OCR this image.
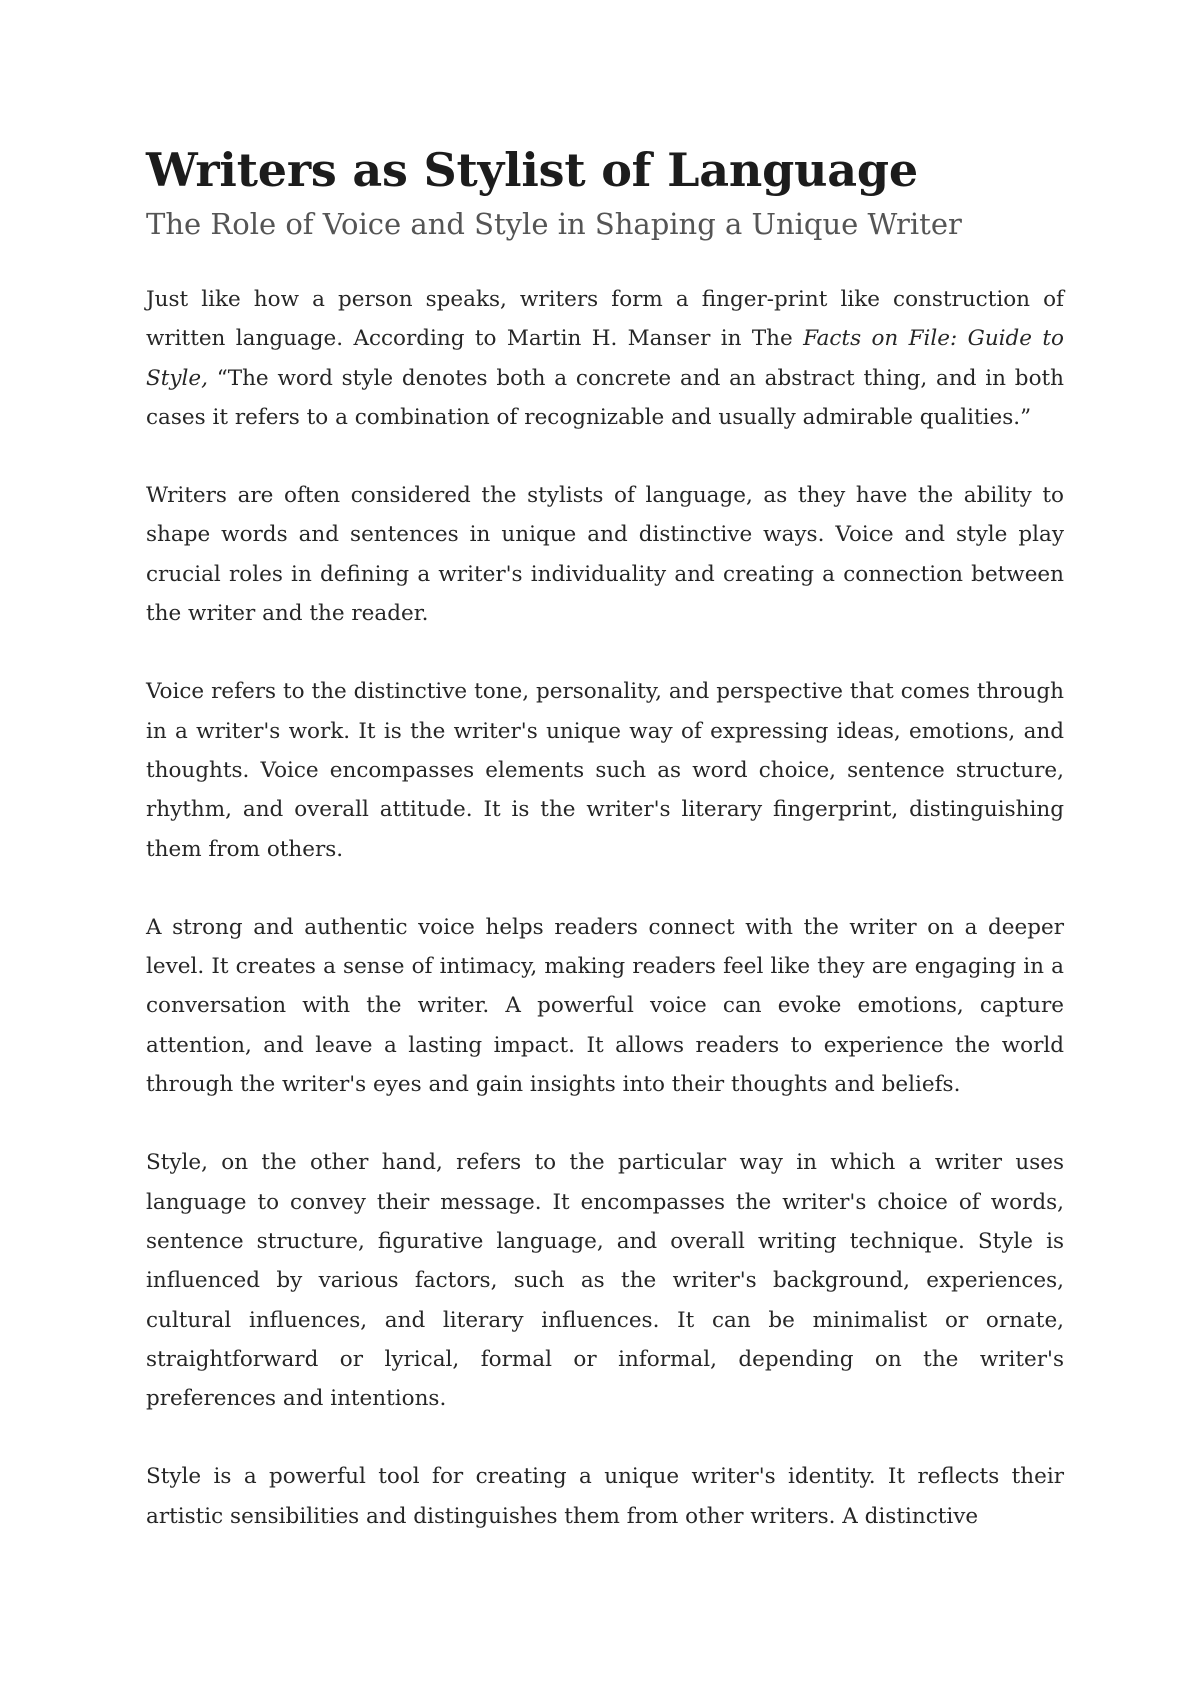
Writers as Stylist of Language
The Role of Voice and Style in Shaping a Unique Writer

Just like how a person speaks, writers form a finger-print like construction of written language. According to Martin H. Manser in The Facts on File: Guide to Style, “The word style denotes both a concrete and an abstract thing, and in both cases it refers to a combination of recognizable and usually admirable qualities.”

Writers are often considered the stylists of language, as they have the ability to shape words and sentences in unique and distinctive ways. Voice and style play crucial roles in defining a writer's individuality and creating a connection between the writer and the reader.

Voice refers to the distinctive tone, personality, and perspective that comes through in a writer's work. It is the writer's unique way of expressing ideas, emotions, and thoughts. Voice encompasses elements such as word choice, sentence structure, rhythm, and overall attitude. It is the writer's literary fingerprint, distinguishing them from others.

A strong and authentic voice helps readers connect with the writer on a deeper level. It creates a sense of intimacy, making readers feel like they are engaging in a conversation with the writer. A powerful voice can evoke emotions, capture attention, and leave a lasting impact. It allows readers to experience the world through the writer's eyes and gain insights into their thoughts and beliefs.

Style, on the other hand, refers to the particular way in which a writer uses language to convey their message. It encompasses the writer's choice of words, sentence structure, figurative language, and overall writing technique. Style is influenced by various factors, such as the writer's background, experiences, cultural influences, and literary influences. It can be minimalist or ornate, straightforward or lyrical, formal or informal, depending on the writer's preferences and intentions.

Style is a powerful tool for creating a unique writer's identity. It reflects their artistic sensibilities and distinguishes them from other writers. A distinctive
